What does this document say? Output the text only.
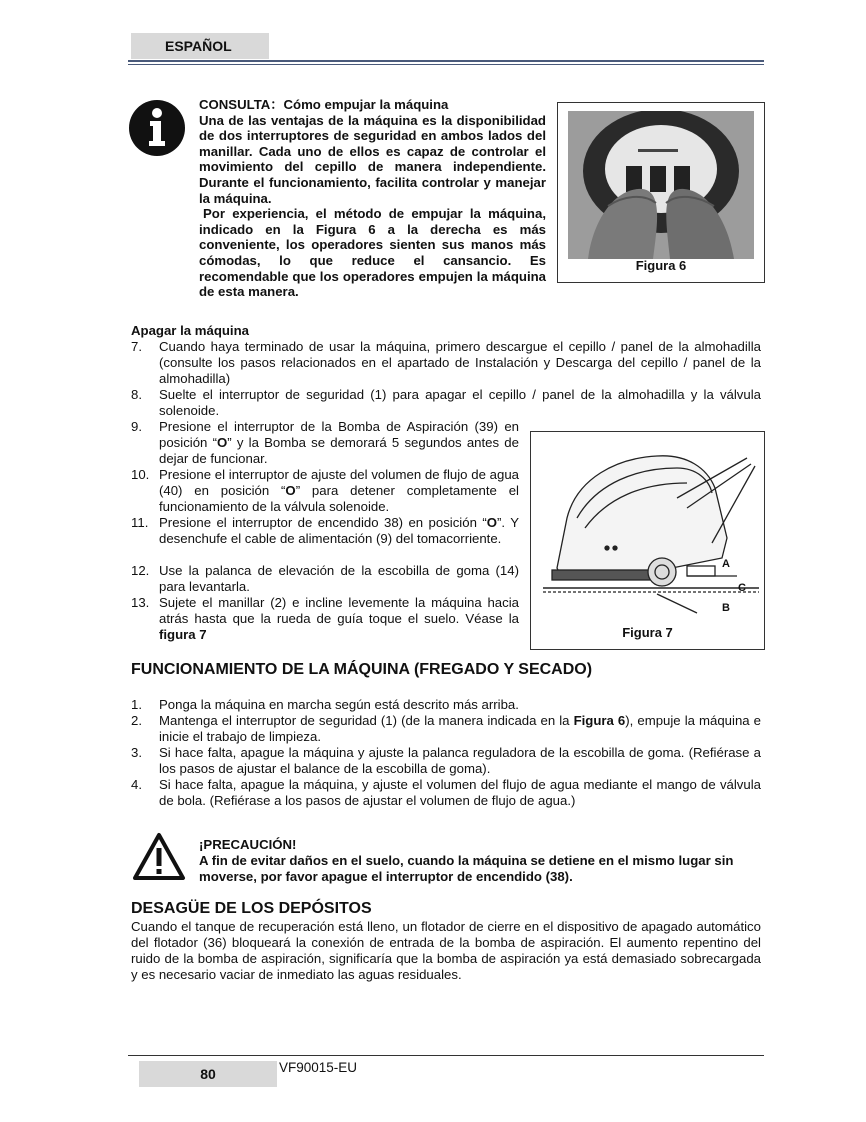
ESPAÑOL
CONSULTA：Cómo empujar la máquina
Una de las ventajas de la máquina es la disponibilidad de dos interruptores de seguridad en ambos lados del manillar. Cada uno de ellos es capaz de controlar el movimiento del cepillo de manera independiente. Durante el funcionamiento, facilita controlar y manejar la máquina.
Por experiencia, el método de empujar la máquina, indicado en la Figura 6 a la derecha es más conveniente, los operadores sienten sus manos más cómodas, lo que reduce el cansancio. Es recomendable que los operadores empujen la máquina de esta manera.
Figura 6
Apagar la máquina
7. Cuando haya terminado de usar la máquina, primero descargue el cepillo / panel de la almohadilla (consulte los pasos relacionados en el apartado de Instalación y Descarga del cepillo / panel de la almohadilla)
8. Suelte el interruptor de seguridad (1) para apagar el cepillo / panel de la almohadilla y la válvula solenoide.
9. Presione el interruptor de la Bomba de Aspiración (39) en posición “O” y la Bomba se demorará 5 segundos antes de dejar de funcionar.
10. Presione el interruptor de ajuste del volumen de flujo de agua (40) en posición “O” para detener completamente el funcionamiento de la válvula solenoide.
11. Presione el interruptor de encendido 38) en posición “O”. Y desenchufe el cable de alimentación (9) del tomacorriente.
12. Use la palanca de elevación de la escobilla de goma (14) para levantarla.
13. Sujete el manillar (2) e incline levemente la máquina hacia atrás hasta que la rueda de guía toque el suelo. Véase la figura 7
A
C
B
Figura 7
FUNCIONAMIENTO DE LA MÁQUINA (FREGADO Y SECADO)
1. Ponga la máquina en marcha según está descrito más arriba.
2. Mantenga el interruptor de seguridad (1) (de la manera indicada en la Figura 6), empuje la máquina e inicie el trabajo de limpieza.
3. Si hace falta, apague la máquina y ajuste la palanca reguladora de la escobilla de goma. (Refiérase a los pasos de ajustar el balance de la escobilla de goma).
4. Si hace falta, apague la máquina, y ajuste el volumen del flujo de agua mediante el mango de válvula de bola. (Refiérase a los pasos de ajustar el volumen de flujo de agua.)
¡PRECAUCIÓN!
A fin de evitar daños en el suelo, cuando la máquina se detiene en el mismo lugar sin moverse, por favor apague el interruptor de encendido (38).
DESAGÜE DE LOS DEPÓSITOS
Cuando el tanque de recuperación está lleno, un flotador de cierre en el dispositivo de apagado automático del flotador (36) bloqueará la conexión de entrada de la bomba de aspiración. El aumento repentino del ruido de la bomba de aspiración, significaría que la bomba de aspiración ya está demasiado sobrecargada y es necesario vaciar de inmediato las aguas residuales.
80	VF90015-EU
